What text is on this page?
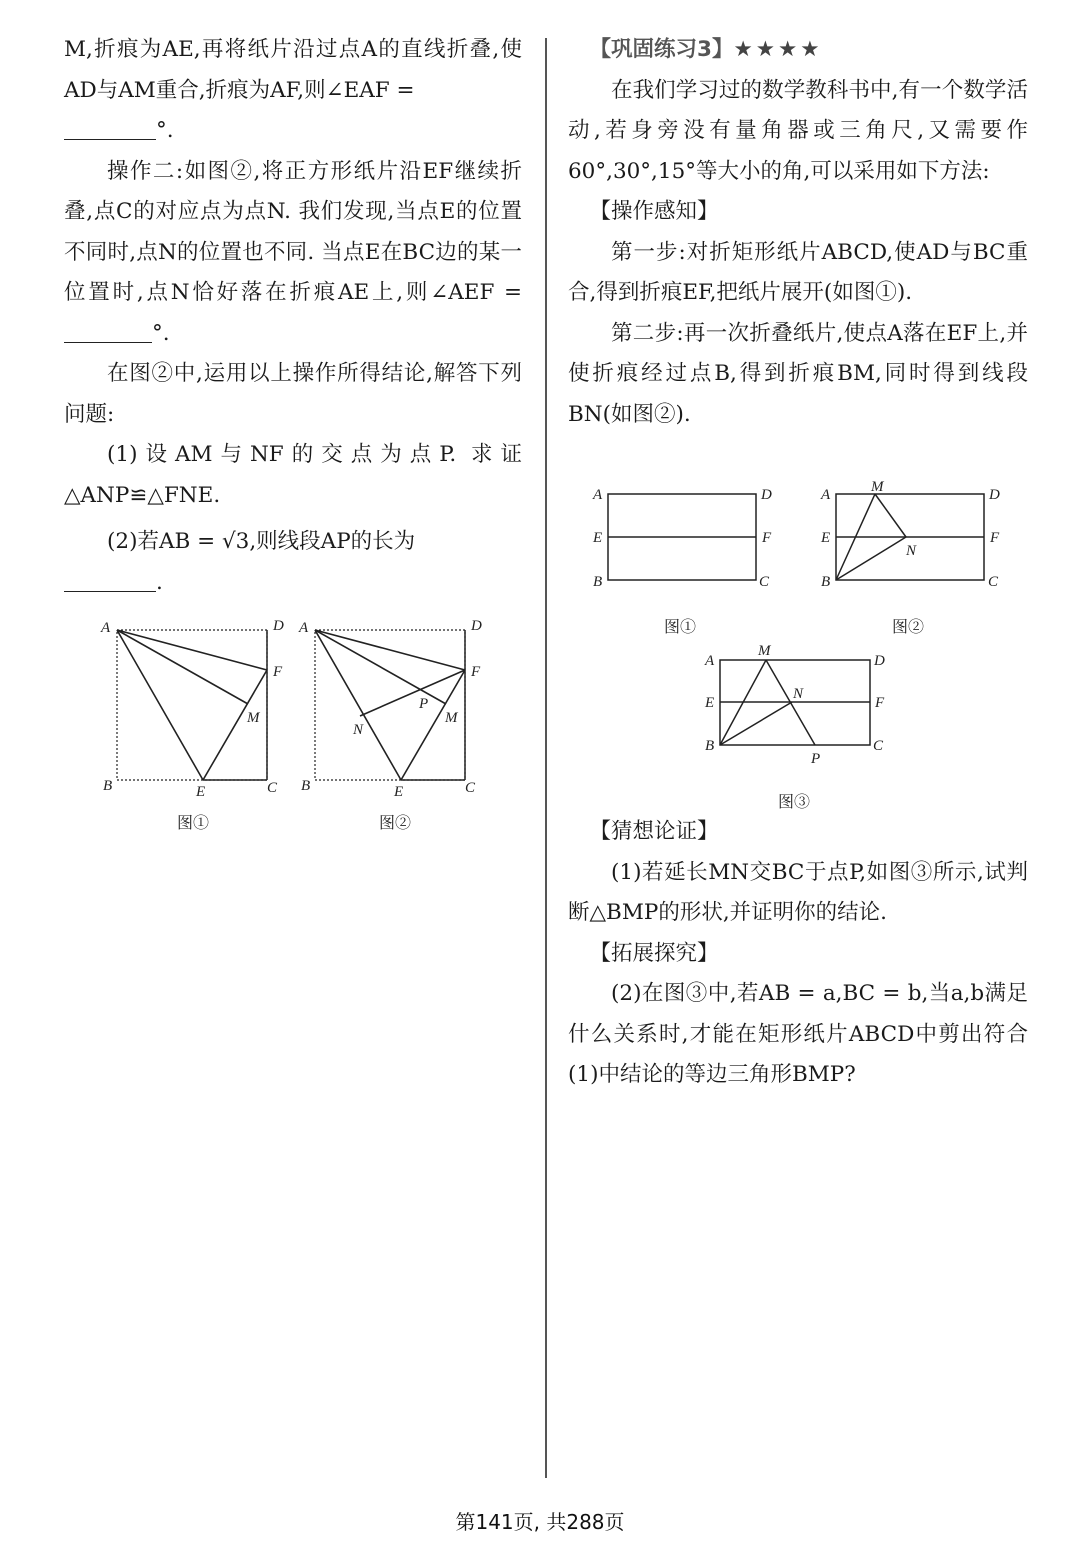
M,折痕为AE,再将纸片沿过点A的直线折叠,使AD与AM重合,折痕为AF,则∠EAF =
°.

操作二:如图②,将正方形纸片沿EF继续折叠,点C的对应点为点N. 我们发现,当点E的位置不同时,点N的位置也不同. 当点E在BC边的某一位置时,点N恰好落在折痕AE上,则∠AEF = °.

在图②中,运用以上操作所得结论,解答下列问题:

(1)设AM与NF的交点为点P. 求证△ANP≌△FNE.

(2)若AB = √3,则线段AP的长为
.

A	D
F
M
B	E	C
图①
A	D
F
P
M
N
B	E	C
图②

【巩固练习3】★★★★

在我们学习过的数学教科书中,有一个数学活动,若身旁没有量角器或三角尺,又需要作60°,30°,15°等大小的角,可以采用如下方法:

【操作感知】

第一步:对折矩形纸片ABCD,使AD与BC重合,得到折痕EF,把纸片展开(如图①).

第二步:再一次折叠纸片,使点A落在EF上,并使折痕经过点B,得到折痕BM,同时得到线段BN(如图②).

A	D
E	F
B	C
图①
A	M	D
E
N
F
B	C
图②
A
M
D
E
N
F
B	C
P
图③

【猜想论证】

(1)若延长MN交BC于点P,如图③所示,试判断△BMP的形状,并证明你的结论.

【拓展探究】

(2)在图③中,若AB = a,BC = b,当a,b满足什么关系时,才能在矩形纸片ABCD中剪出符合(1)中结论的等边三角形BMP?

第141页, 共288页
